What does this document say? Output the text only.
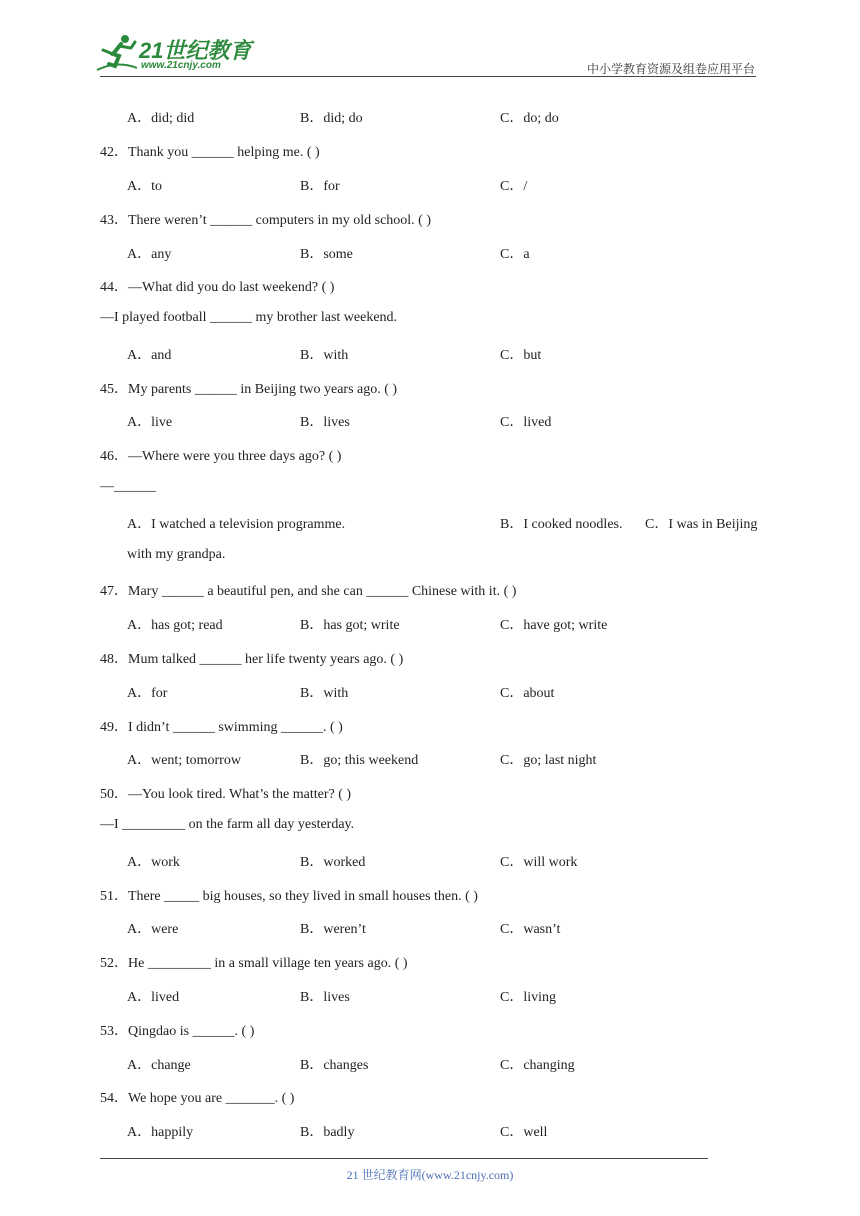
21世纪教育
www.21cnjy.com	中小学教育资源及组卷应用平台
A．did; did	B．did; do	C．do; do
42．Thank you ______ helping me. ( )
A．to	B．for	C．/
43．There weren’t ______ computers in my old school. ( )
A．any	B．some	C．a
44．—What did you do last weekend? ( )
—I played football ______ my brother last weekend.
A．and	B．with	C．but
45．My parents ______ in Beijing two years ago. ( )
A．live	B．lives	C．lived
46．—Where were you three days ago? ( )
—______
A．I watched a television programme.	B．I cooked noodles. C．I was in Beijing
with my grandpa.
47．Mary ______ a beautiful pen, and she can ______ Chinese with it. ( )
A．has got; read	B．has got; write	C．have got; write
48．Mum talked ______ her life twenty years ago. ( )
A．for	B．with	C．about
49．I didn’t ______ swimming ______. ( )
A．went; tomorrow	B．go; this weekend	C．go; last night
50．—You look tired. What’s the matter? ( )
—I _________ on the farm all day yesterday.
A．work	B．worked	C．will work
51．There _____ big houses, so they lived in small houses then. ( )
A．were	B．weren’t	C．wasn’t
52．He _________ in a small village ten years ago. ( )
A．lived	B．lives	C．living
53．Qingdao is ______. ( )
A．change	B．changes	C．changing
54．We hope you are _______. ( )
A．happily	B．badly	C．well
21 世纪教育网(www.21cnjy.com)
